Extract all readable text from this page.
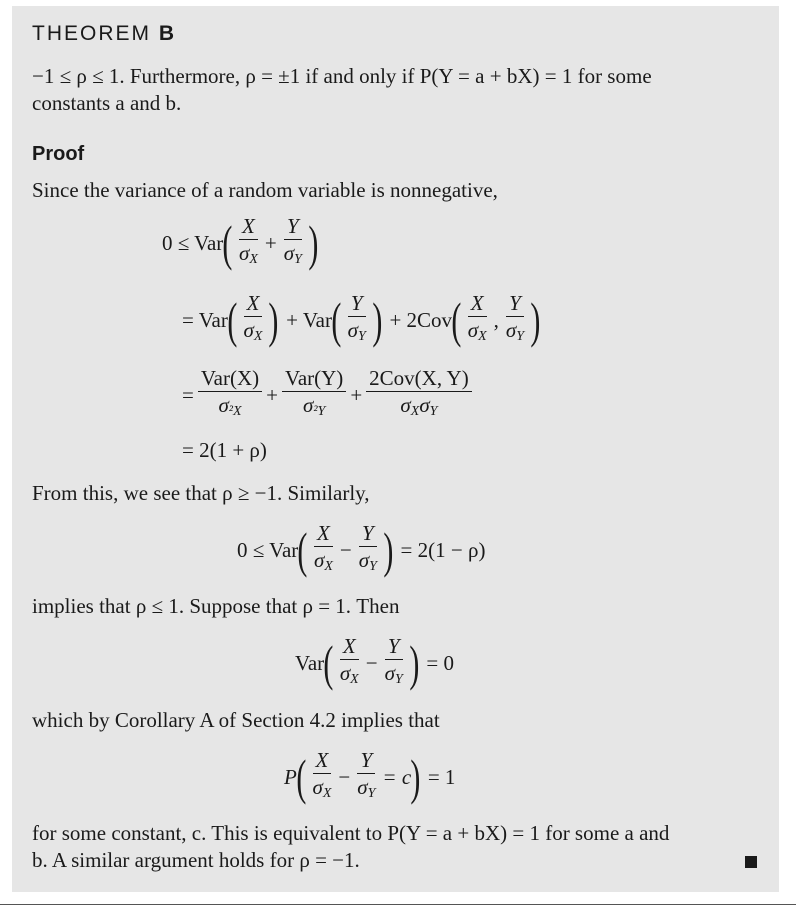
THEOREM B
−1 ≤ ρ ≤ 1. Furthermore, ρ = ±1 if and only if P(Y = a + bX) = 1 for some
constants a and b.
Proof
Since the variance of a random variable is nonnegative,
0 ≤ Var ( $\frac{X}{\sigma_X} + \frac{Y}{\sigma_Y}$ )
= Var ( $\frac{X}{\sigma_X}$ ) + Var ( $\frac{Y}{\sigma_Y}$ ) + 2Cov ( $\frac{X}{\sigma_X}$ , $\frac{Y}{\sigma_Y}$ )
= $\frac{\text{Var(X)}}{\sigma_{^2X}} + \frac{\text{Var(Y)}}{\sigma_{^2Y}} + \frac{\text{2Cov(X, Y)}}{\sigma_X\sigma_Y}$
= 2(1 + ρ)
From this, we see that ρ ≥ −1. Similarly,
0 ≤ Var ( $\frac{X}{\sigma_X} - \frac{Y}{\sigma_Y}$ ) = 2(1 − ρ)
implies that ρ ≤ 1. Suppose that ρ = 1. Then
Var ( $\frac{X}{\sigma_X} - \frac{Y}{\sigma_Y}$ ) = 0
which by Corollary A of Section 4.2 implies that
P ( $\frac{X}{\sigma_X} - \frac{Y}{\sigma_Y} = c$ ) = 1
for some constant, c. This is equivalent to P(Y = a + bX) = 1 for some a and
b. A similar argument holds for ρ = −1.
